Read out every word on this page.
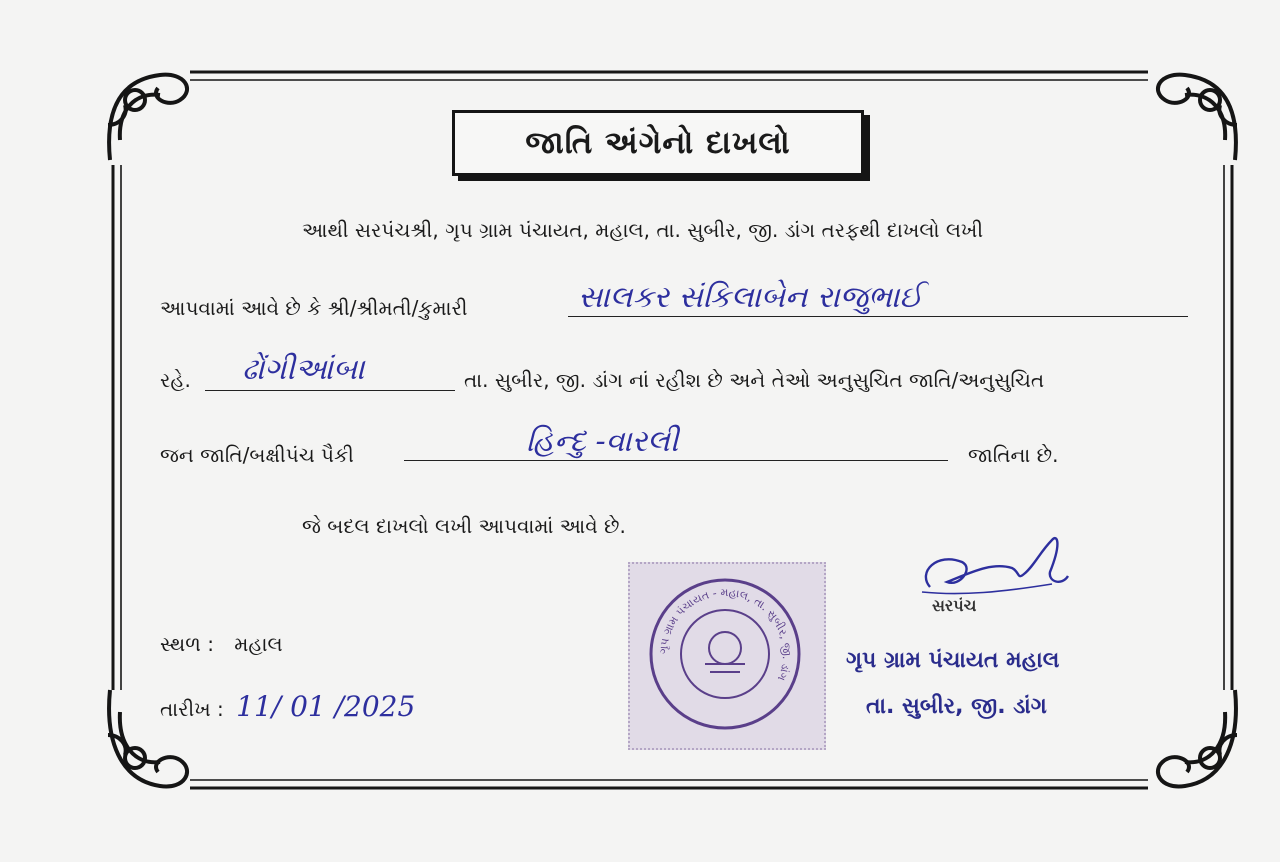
જાતિ અંગેનો દાખલો
આથી સરપંચશ્રી, ગૃપ ગ્રામ પંચાયત, મહાલ, તા. સુબીર, જી. ડાંગ તરફથી દાખલો લખી
આપવામાં આવે છે કે શ્રી/શ્રીમતી/કુમારી	સાલકર સંકિલાબેન રાજુભાઈ
રહે. ઢોંગીઆંબા	તા. સુબીર, જી. ડાંગ નાં રહીશ છે અને તેઓ અનુસુચિત જાતિ/અનુસુચિત
જન જાતિ/બક્ષીપંચ પૈકી	હિન્દુ -વારલી	જાતિના છે.
જે બદલ દાખલો લખી આપવામાં આવે છે.
સ્થળ : મહાલ
તારીખ : 11/ 01 /2025
ગૃપ ગ્રામ પંચાયત - મહાલ, તા. સુબીર, જી. ડાંગ
સરપંચ
ગૃપ ગ્રામ પંચાયત મહાલ
તા. સુબીર, જી. ડાંગ
